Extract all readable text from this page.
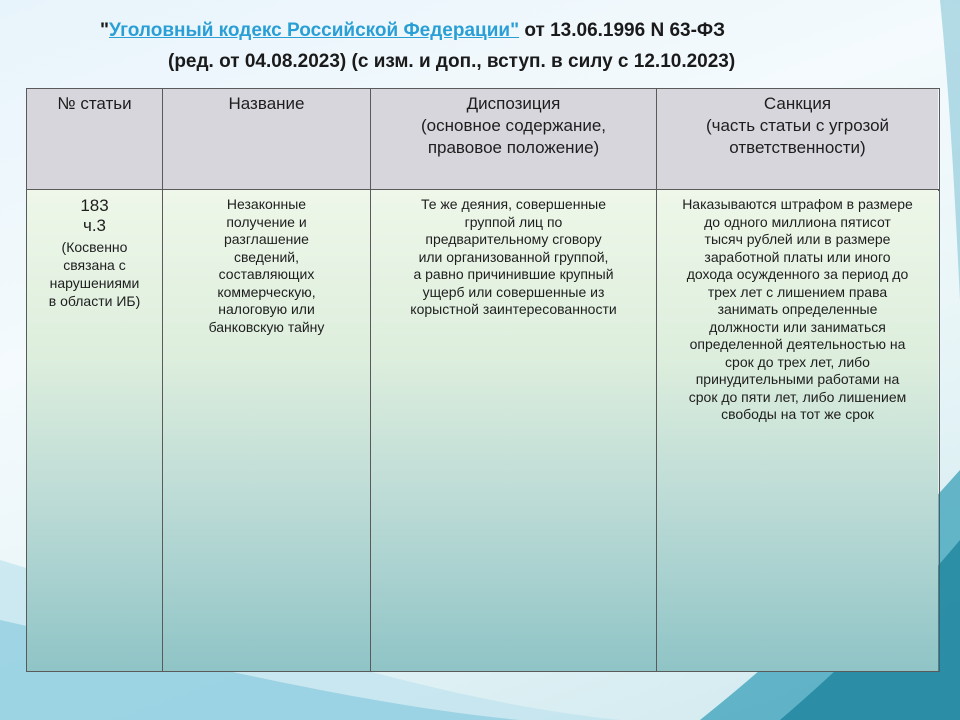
"Уголовный кодекс Российской Федерации" от 13.06.1996 N 63-ФЗ
(ред. от 04.08.2023) (с изм. и доп., вступ. в силу с 12.10.2023)
№ статьи	Название	Диспозиция
(основное содержание,
правовое положение)
Санкция
(часть статьи с угрозой
ответственности)
183
ч.3
(Косвенно
связана с
нарушениями
в области ИБ)
Незаконные
получение и
разглашение
сведений,
составляющих
коммерческую,
налоговую или
банковскую тайну
Те же деяния, совершенные
группой лиц по
предварительному сговору
или организованной группой,
а равно причинившие крупный
ущерб или совершенные из
корыстной заинтересованности
Наказываются штрафом в размере
до одного миллиона пятисот
тысяч рублей или в размере
заработной платы или иного
дохода осужденного за период до
трех лет с лишением права
занимать определенные
должности или заниматься
определенной деятельностью на
срок до трех лет, либо
принудительными работами на
срок до пяти лет, либо лишением
свободы на тот же срок
